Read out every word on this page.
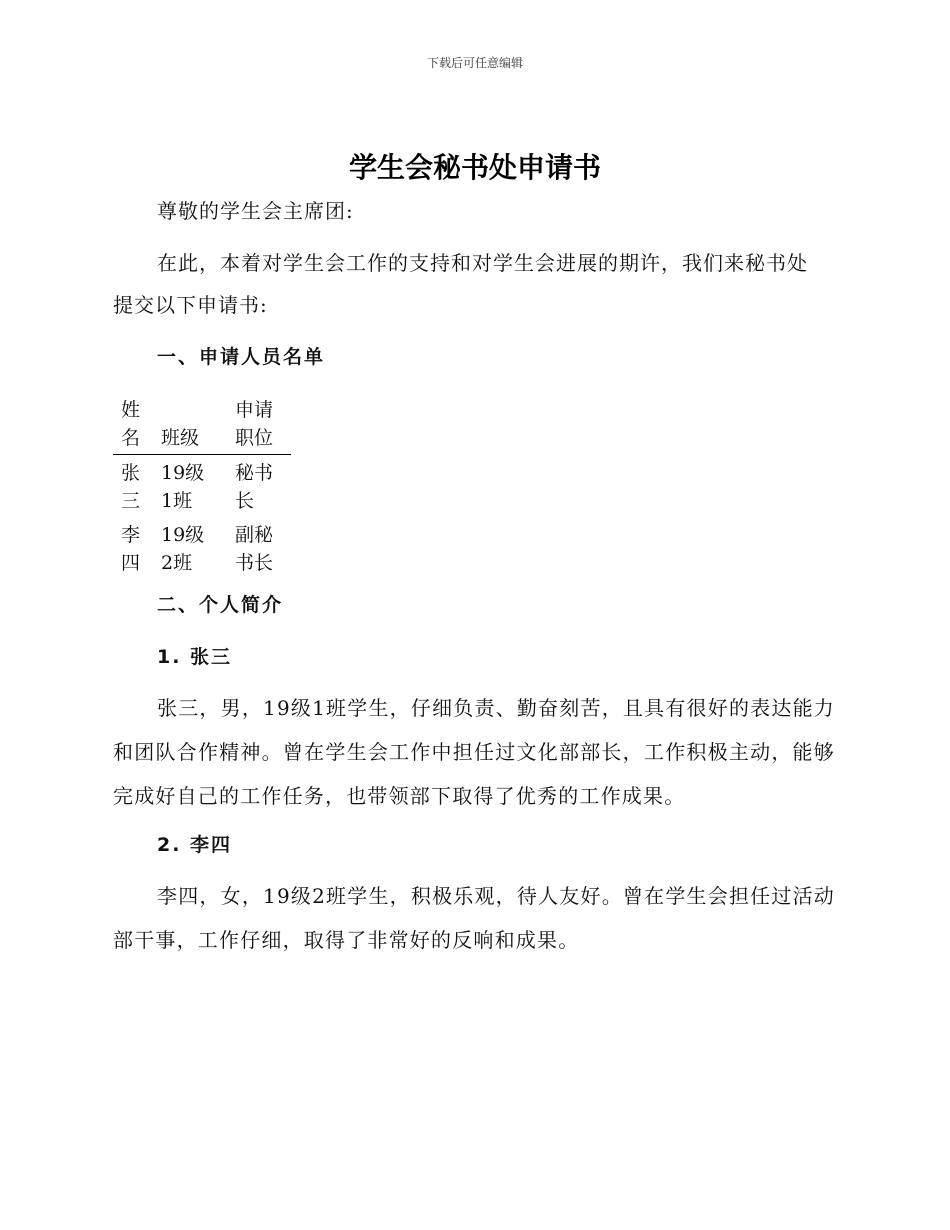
下载后可任意编辑
学生会秘书处申请书
尊敬的学生会主席团:
在此，本着对学生会工作的支持和对学生会进展的期许，我们来秘书处
提交以下申请书:
一、申请人员名单
姓名	班级	申请职位

张三	19级1班	秘书长

李四	19级2班	副秘书长
二、个人简介
1. 张三
张三，男，19级1班学生，仔细负责、勤奋刻苦，且具有很好的表达能力和团队合作精神。曾在学生会工作中担任过文化部部长，工作积极主动，能够完成好自己的工作任务，也带领部下取得了优秀的工作成果。
2. 李四
李四，女，19级2班学生，积极乐观，待人友好。曾在学生会担任过活动部干事，工作仔细，取得了非常好的反响和成果。
